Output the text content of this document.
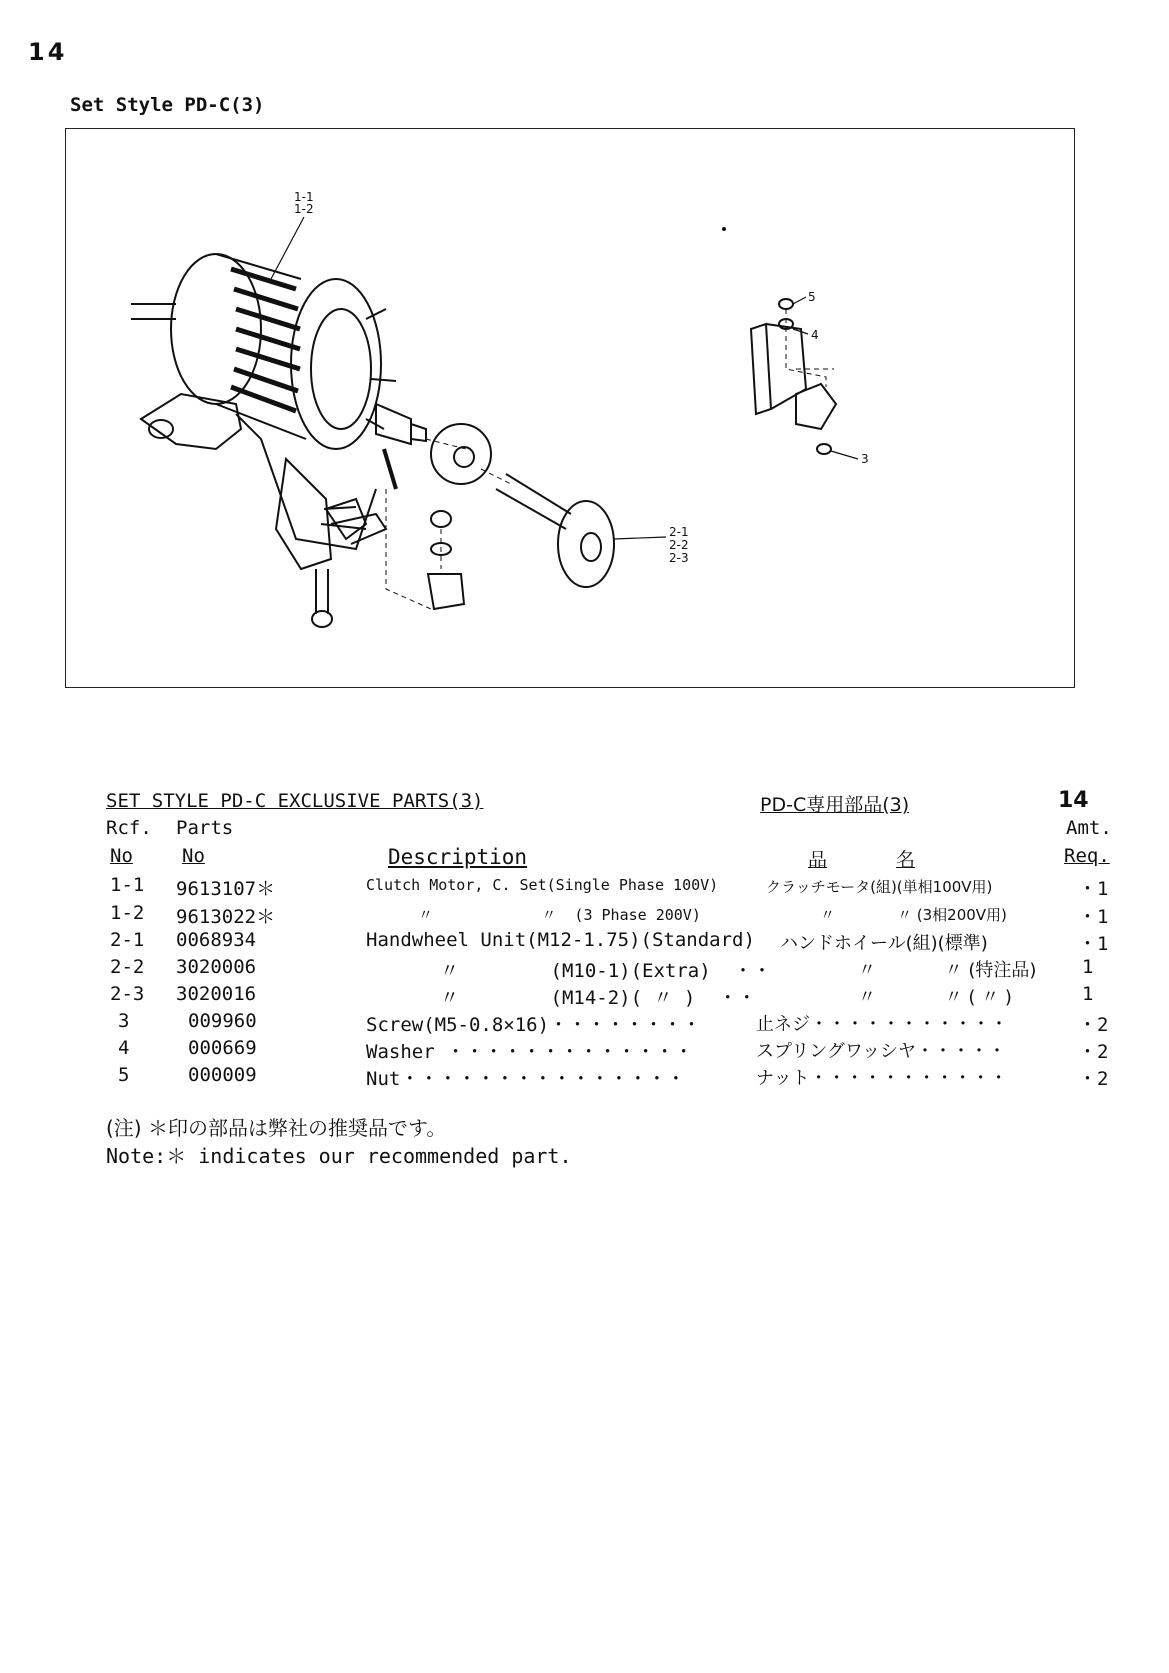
14
Set Style PD-C(3)
1-1
1-2
5
4
3
2-1
2-2
2-3
SET STYLE PD-C EXCLUSIVE PARTS(3)	PD-C専用部品(3)	14
Rcf. Parts	Amt.
No	No	Description	品	名	Req.
1-1 9613107＊	Clutch Motor, C. Set(Single Phase 100V)	クラッチモータ(組)(単相100V用)	・1
1-2 9613022＊	〃            〃  (3 Phase 200V)	〃             〃 (3相200V用)	・1
2-1 0068934	Handwheel Unit(M12-1.75)(Standard) ハンドホイール(組)(標準)	・1
2-2 3020006	〃        (M10-1)(Extra)  ・・	〃            〃 (特注品) 1
2-3 3020016	〃        (M14-2)( 〃 )  ・・	〃            〃 ( 〃 )	1
3	009960	Screw(M5-0.8×16)・・・・・・・・	止ネジ・・・・・・・・・・・	・2
4	000669	Washer ・・・・・・・・・・・・・	スプリングワッシヤ・・・・・	・2
5	000009	Nut・・・・・・・・・・・・・・・	ナット・・・・・・・・・・・	・2
(注) ＊印の部品は弊社の推奨品です。
Note:＊ indicates our recommended part.
